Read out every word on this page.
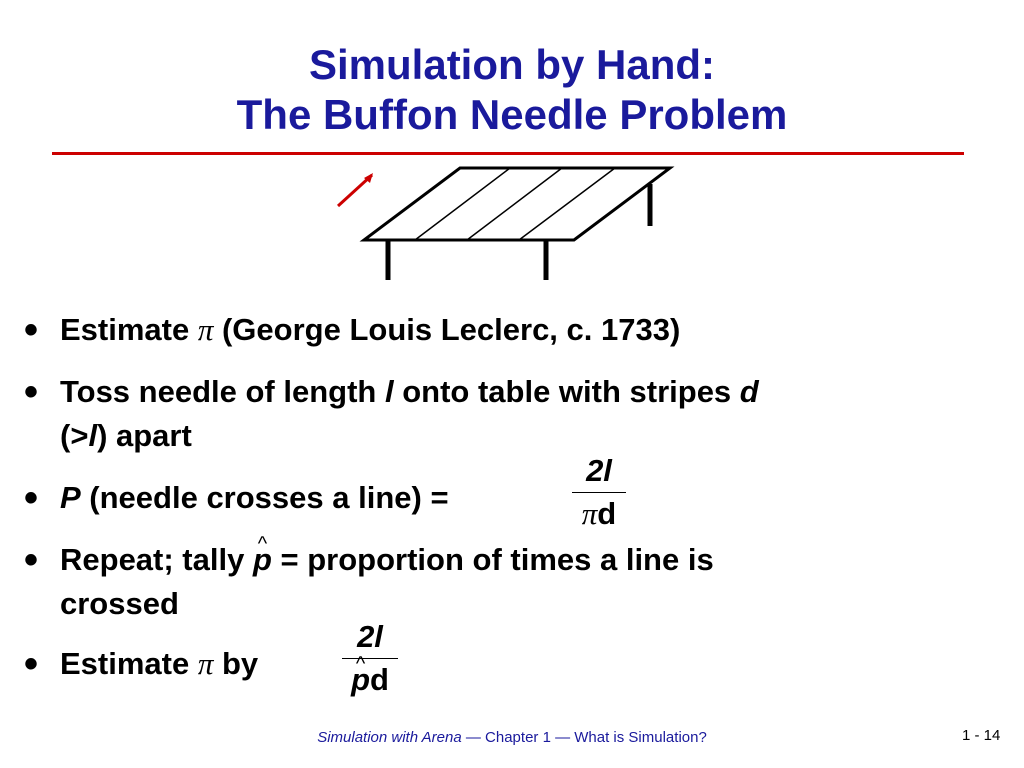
Simulation by Hand:
The Buffon Needle Problem
• Estimate π (George Louis Leclerc, c. 1733)
• Toss needle of length l onto table with stripes d
(>l) apart
• P (needle crosses a line) =
2l
πd
• Repeat; tally ^ p = proportion of times a line is
crossed
• Estimate π by
2l
^ pd
Simulation with Arena — Chapter 1 — What is Simulation?	1 - 14
